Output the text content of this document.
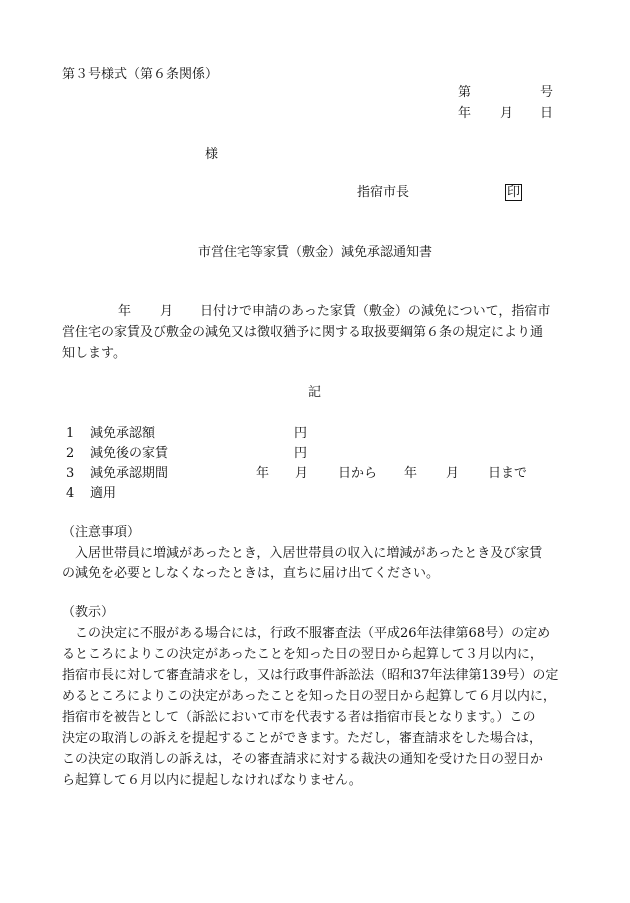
第３号様式（第６条関係）
第	号
年 月 日
様
指宿市長	印
市営住宅等家賃（敷金）減免承認通知書
年 月 日付けで申請のあった家賃（敷金）の減免について，指宿市
営住宅の家賃及び敷金の減免又は徴収猶予に関する取扱要綱第６条の規定により通
知します。
記
1 減免承認額	円
2 減免後の家賃	円
3 減免承認期間	年 月 日から 年 月 日まで
4 適用
（注意事項）
入居世帯員に増減があったとき，入居世帯員の収入に増減があったとき及び家賃
の減免を必要としなくなったときは，直ちに届け出てください。
（教示）
この決定に不服がある場合には，行政不服審査法（平成26年法律第68号）の定め
るところによりこの決定があったことを知った日の翌日から起算して３月以内に，
指宿市長に対して審査請求をし，又は行政事件訴訟法（昭和37年法律第139号）の定
めるところによりこの決定があったことを知った日の翌日から起算して６月以内に，
指宿市を被告として（訴訟において市を代表する者は指宿市長となります。）この
決定の取消しの訴えを提起することができます。ただし，審査請求をした場合は，
この決定の取消しの訴えは，その審査請求に対する裁決の通知を受けた日の翌日か
ら起算して６月以内に提起しなければなりません。
